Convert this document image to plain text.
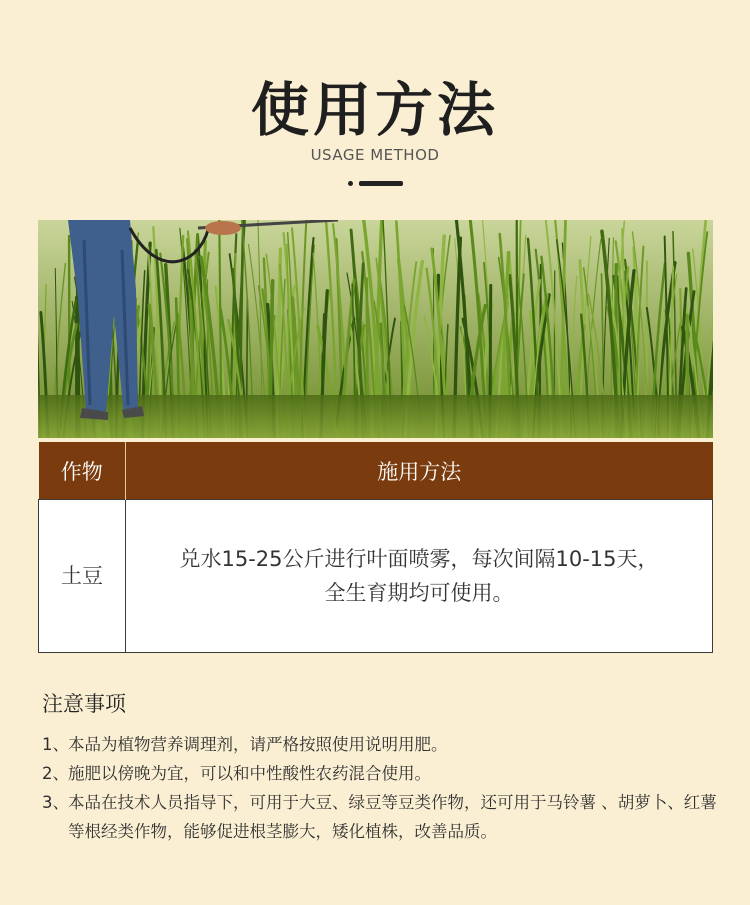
使用方法
USAGE METHOD
作物	施用方法
土豆	兑水15-25公斤进行叶面喷雾，每次间隔10-15天，
全生育期均可使用。
注意事项
1、 本品为植物营养调理剂，请严格按照使用说明用肥。
2、 施肥以傍晚为宜，可以和中性酸性农药混合使用。
3、 本品在技术人员指导下，可用于大豆、绿豆等豆类作物，还可用于马铃薯 、胡萝卜、红薯等根经类作物，能够促进根茎膨大，矮化植株，改善品质。
